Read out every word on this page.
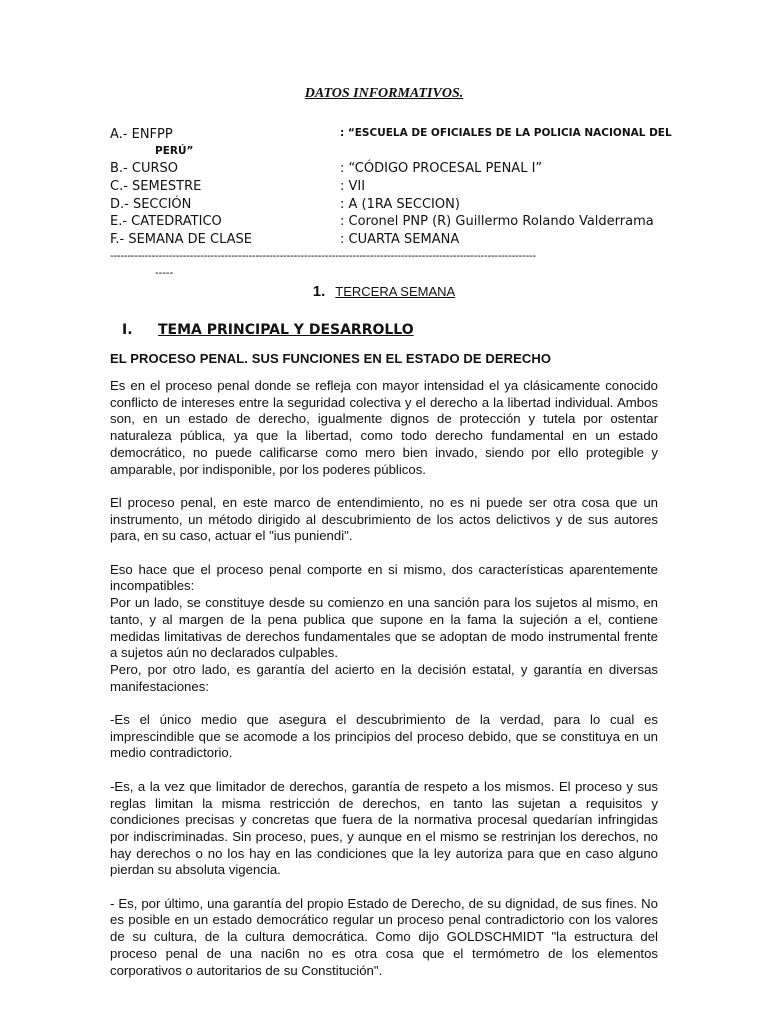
DATOS INFORMATIVOS.
A.- ENFPP	: “ESCUELA DE OFICIALES DE LA POLICIA NACIONAL DEL
PERÚ”
B.- CURSO	: “CÓDIGO PROCESAL PENAL I”
C.- SEMESTRE	: VII
D.- SECCIÓN	: A (1RA SECCION)
E.- CATEDRATICO	: Coronel PNP (R) Guillermo Rolando Valderrama
F.- SEMANA DE CLASE	: CUARTA SEMANA
---------------------------------------------------------------------------------------------------------------------------
-----
1. TERCERA SEMANA
I. TEMA PRINCIPAL Y DESARROLLO
EL PROCESO PENAL. SUS FUNCIONES EN EL ESTADO DE DERECHO

Es en el proceso penal donde se refleja con mayor intensidad el ya clásicamente conocido conflicto de intereses entre la seguridad colectiva y el derecho a la libertad individual. Ambos son, en un estado de derecho, igualmente dignos de protección y tutela por ostentar naturaleza pública, ya que la libertad, como todo derecho fundamental en un estado democrático, no puede calificarse como mero bien invado, siendo por ello protegible y amparable, por indisponible, por los poderes públicos.

El proceso penal, en este marco de entendimiento, no es ni puede ser otra cosa que un instrumento, un método dirigido al descubrimiento de los actos delictivos y de sus autores para, en su caso, actuar el "ius puniendi".

Eso hace que el proceso penal comporte en si mismo, dos características aparentemente incompatibles:

Por un lado, se constituye desde su comienzo en una sanción para los sujetos al mismo, en tanto, y al margen de la pena publica que supone en la fama la sujeción a el, contiene medidas limitativas de derechos fundamentales que se adoptan de modo instrumental frente a sujetos aún no declarados culpables.

Pero, por otro lado, es garantía del acierto en la decisión estatal, y garantía en diversas manifestaciones:

-Es el único medio que asegura el descubrimiento de la verdad, para lo cual es imprescindible que se acomode a los principios del proceso debido, que se constituya en un medio contradictorio.

-Es, a la vez que limitador de derechos, garantía de respeto a los mismos. El proceso y sus reglas limitan la misma restricción de derechos, en tanto las sujetan a requisitos y condiciones precisas y concretas que fuera de la normativa procesal quedarían infringidas por indiscriminadas. Sin proceso, pues, y aunque en el mismo se restrinjan los derechos, no hay derechos o no los hay en las condiciones que la ley autoriza para que en caso alguno pierdan su absoluta vigencia.

- Es, por último, una garantía del propio Estado de Derecho, de su dignidad, de sus fines. No es posible en un estado democrático regular un proceso penal contradictorio con los valores de su cultura, de la cultura democrática. Como dijo GOLDSCHMIDT "la estructura del proceso penal de una naci6n no es otra cosa que el termómetro de los elementos corporativos o autoritarios de su Constitución".
